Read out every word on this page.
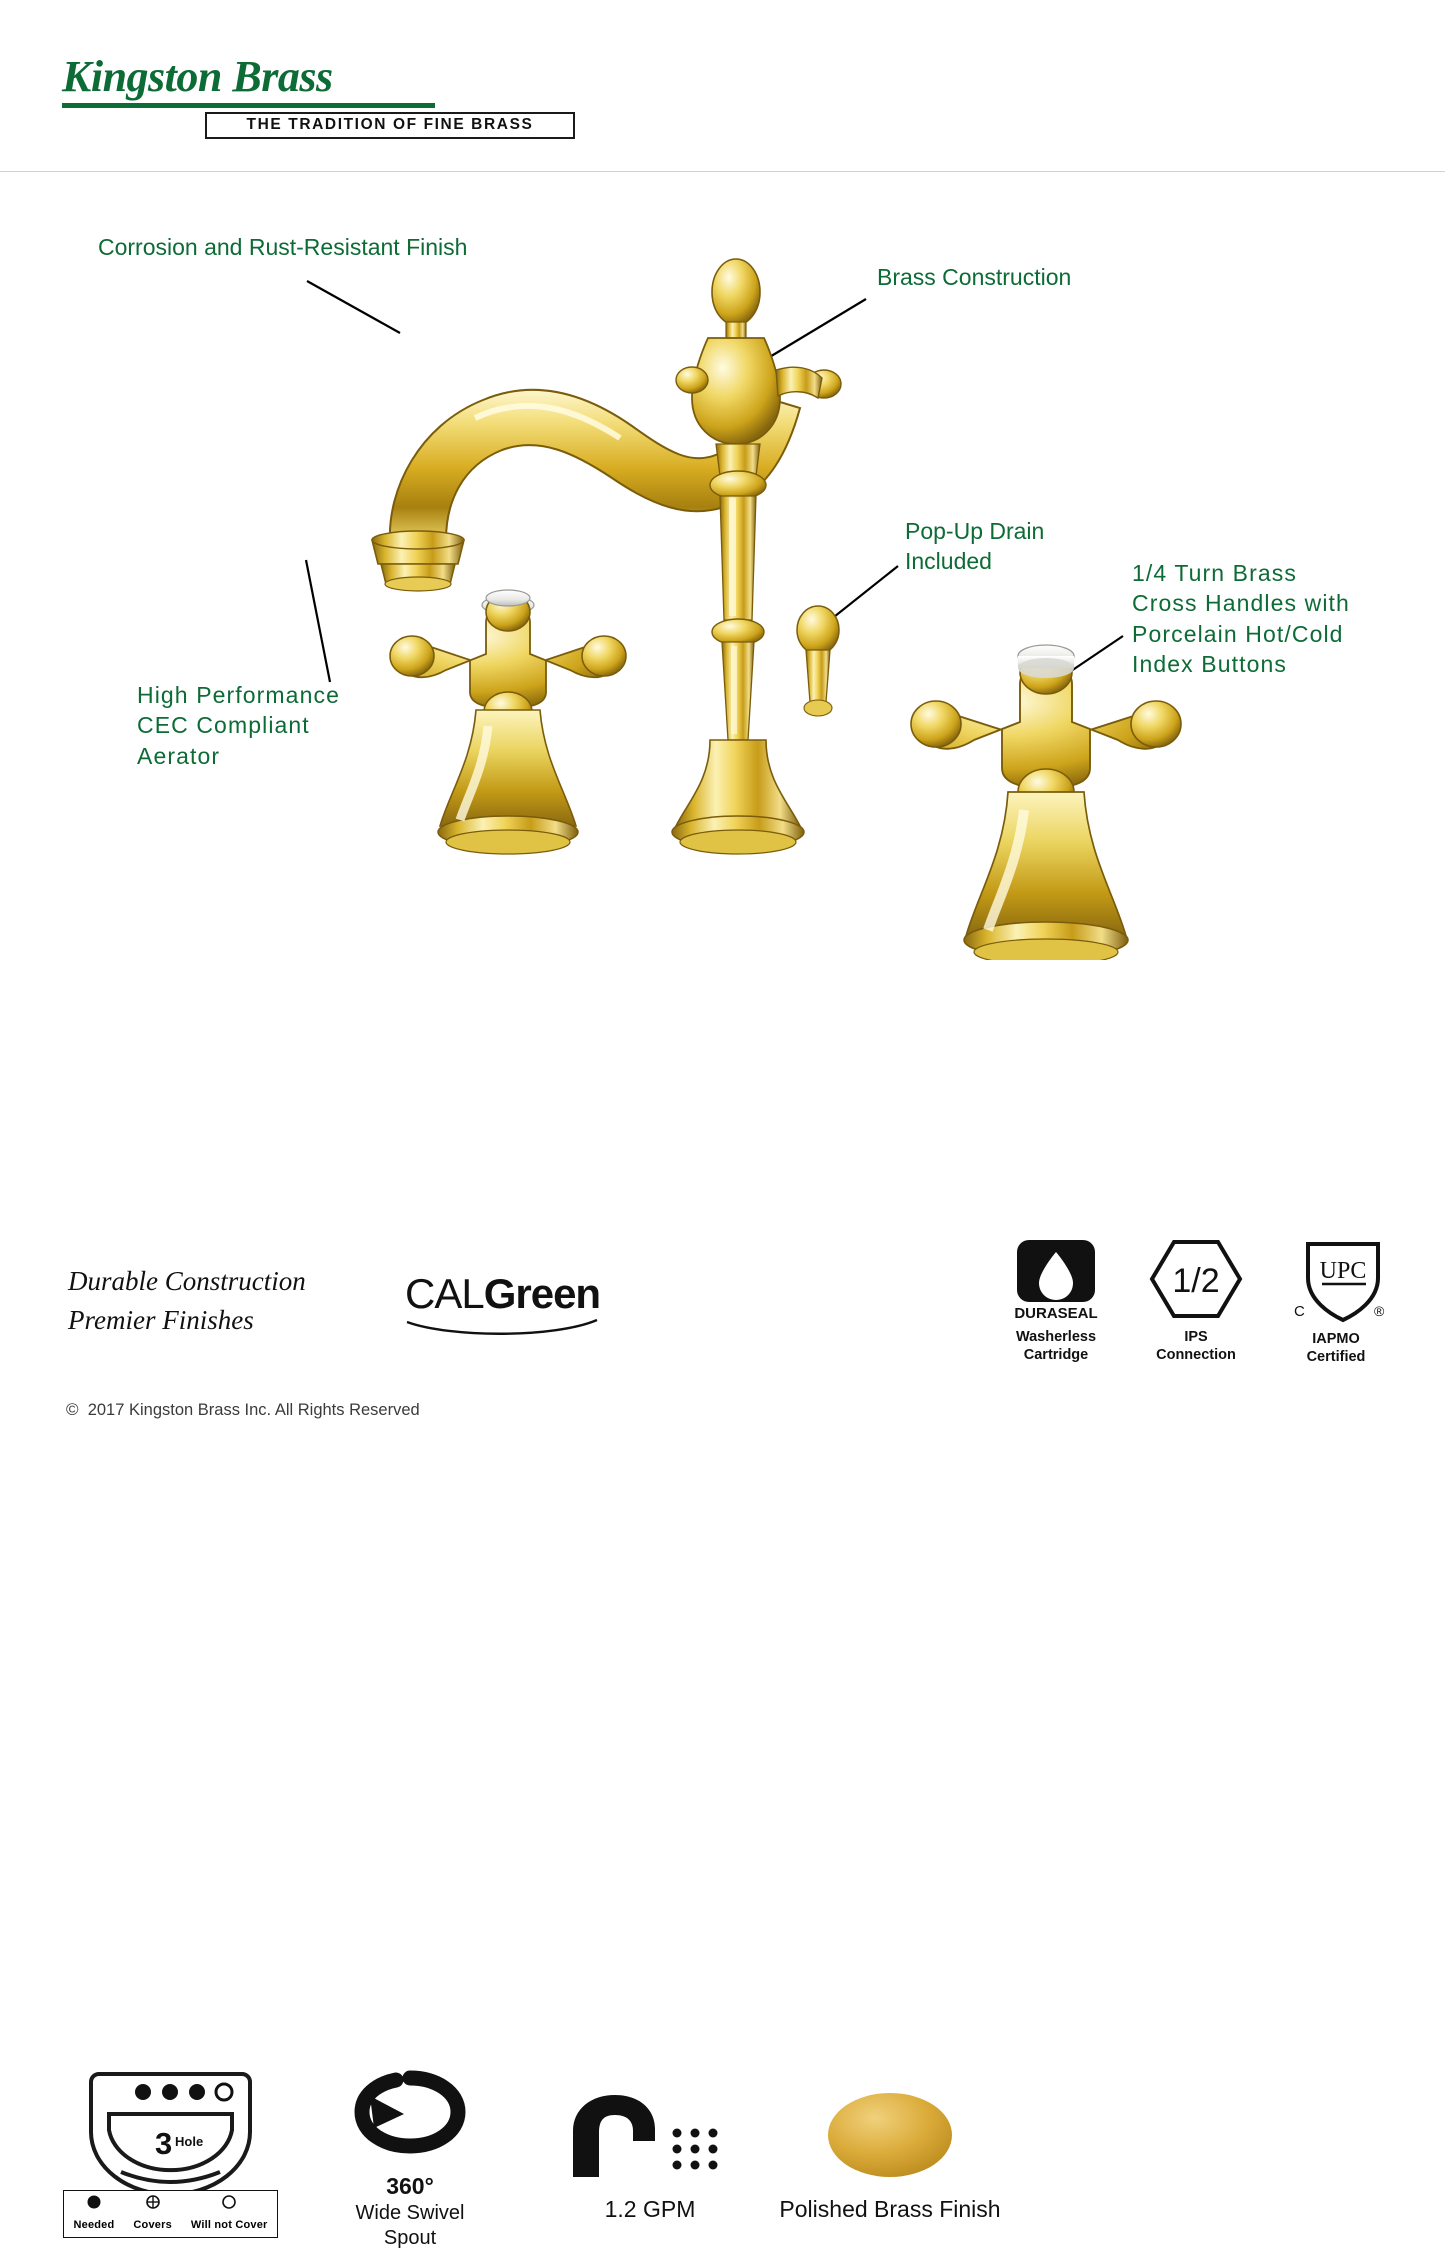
Kingston Brass
THE TRADITION OF FINE BRASS
Corrosion and Rust-Resistant Finish
Brass Construction
Pop-Up Drain
Included	1/4 Turn Brass
Cross Handles with
Porcelain Hot/Cold
Index Buttons
High Performance
CEC Compliant
Aerator
3 Hole
Needed Covers Will not Cover
360°
Wide Swivel
Spout
1.2 GPM	Polished Brass Finish
Durable Construction
Premier Finishes
CALGreen	DURASEAL
Washerless
Cartridge
1/2
IPS
Connection
UPC
C	®
IAPMO
Certified
© 2017 Kingston Brass Inc. All Rights Reserved
